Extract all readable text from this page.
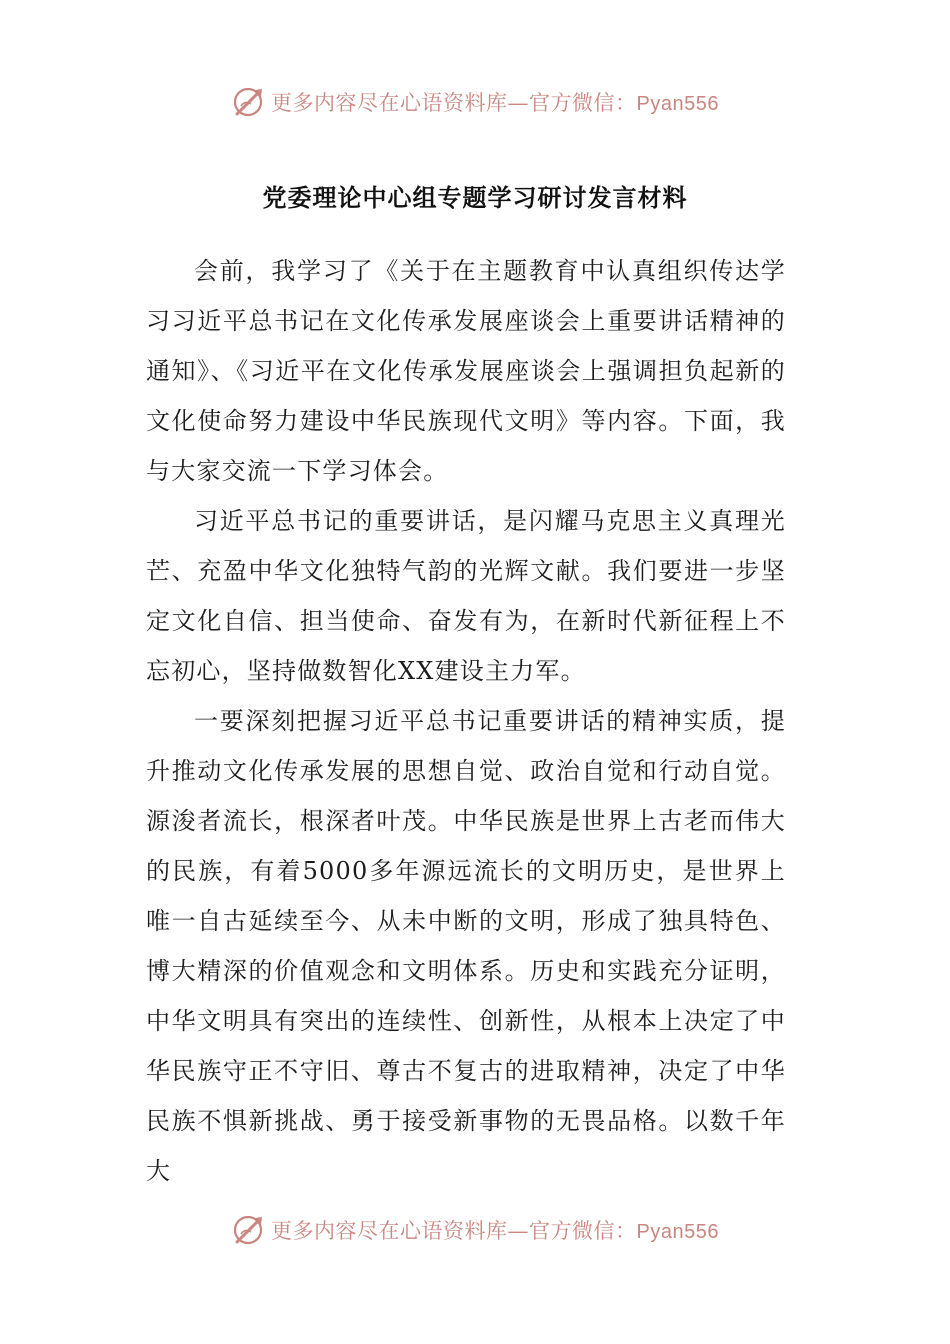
更多内容尽在心语资料库—官方微信：Pyan556
党委理论中心组专题学习研讨发言材料

会前，我学习了《关于在主题教育中认真组织传达学习习近平总书记在文化传承发展座谈会上重要讲话精神的通知》、《习近平在文化传承发展座谈会上强调担负起新的文化使命努力建设中华民族现代文明》等内容。下面，我与大家交流一下学习体会。

习近平总书记的重要讲话，是闪耀马克思主义真理光芒、充盈中华文化独特气韵的光辉文献。我们要进一步坚定文化自信、担当使命、奋发有为，在新时代新征程上不忘初心，坚持做数智化XX建设主力军。

一要深刻把握习近平总书记重要讲话的精神实质，提升推动文化传承发展的思想自觉、政治自觉和行动自觉。源浚者流长，根深者叶茂。中华民族是世界上古老而伟大的民族，有着5000多年源远流长的文明历史，是世界上唯一自古延续至今、从未中断的文明，形成了独具特色、博大精深的价值观念和文明体系。历史和实践充分证明，中华文明具有突出的连续性、创新性，从根本上决定了中华民族守正不守旧、尊古不复古的进取精神，决定了中华民族不惧新挑战、勇于接受新事物的无畏品格。以数千年大

更多内容尽在心语资料库—官方微信：Pyan556
